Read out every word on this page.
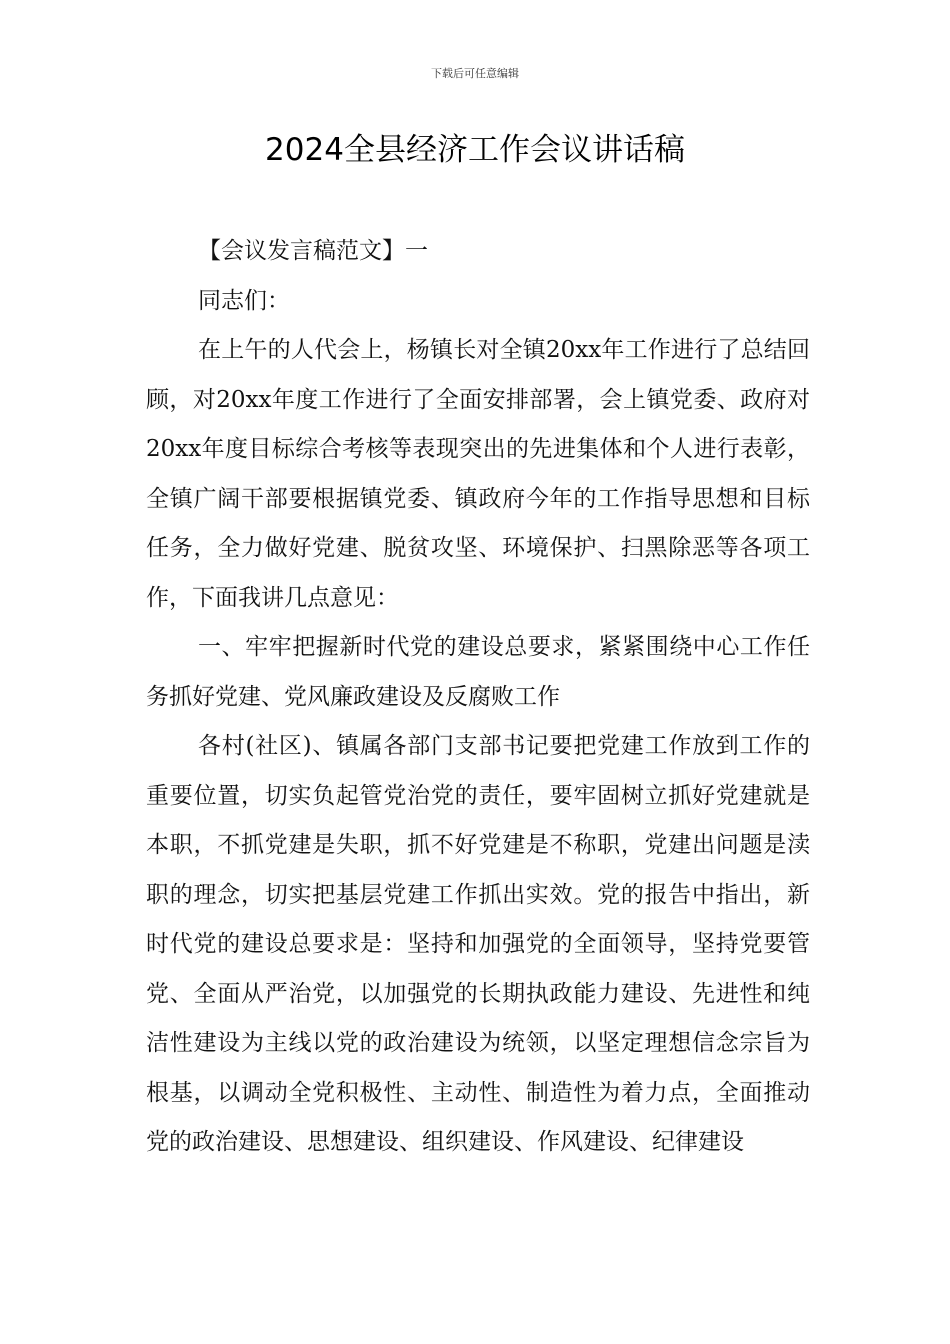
下载后可任意编辑
2024全县经济工作会议讲话稿

【会议发言稿范文】一

同志们：

在上午的人代会上，杨镇长对全镇20xx年工作进行了总结回顾，对20xx年度工作进行了全面安排部署，会上镇党委、政府对20xx年度目标综合考核等表现突出的先进集体和个人进行表彰，全镇广阔干部要根据镇党委、镇政府今年的工作指导思想和目标任务，全力做好党建、脱贫攻坚、环境保护、扫黑除恶等各项工作，下面我讲几点意见：

一、牢牢把握新时代党的建设总要求，紧紧围绕中心工作任务抓好党建、党风廉政建设及反腐败工作

各村(社区)、镇属各部门支部书记要把党建工作放到工作的重要位置，切实负起管党治党的责任，要牢固树立抓好党建就是本职，不抓党建是失职，抓不好党建是不称职，党建出问题是渎职的理念，切实把基层党建工作抓出实效。党的报告中指出，新时代党的建设总要求是：坚持和加强党的全面领导，坚持党要管党、全面从严治党，以加强党的长期执政能力建设、先进性和纯洁性建设为主线以党的政治建设为统领，以坚定理想信念宗旨为根基，以调动全党积极性、主动性、制造性为着力点，全面推动党的政治建设、思想建设、组织建设、作风建设、纪律建设
